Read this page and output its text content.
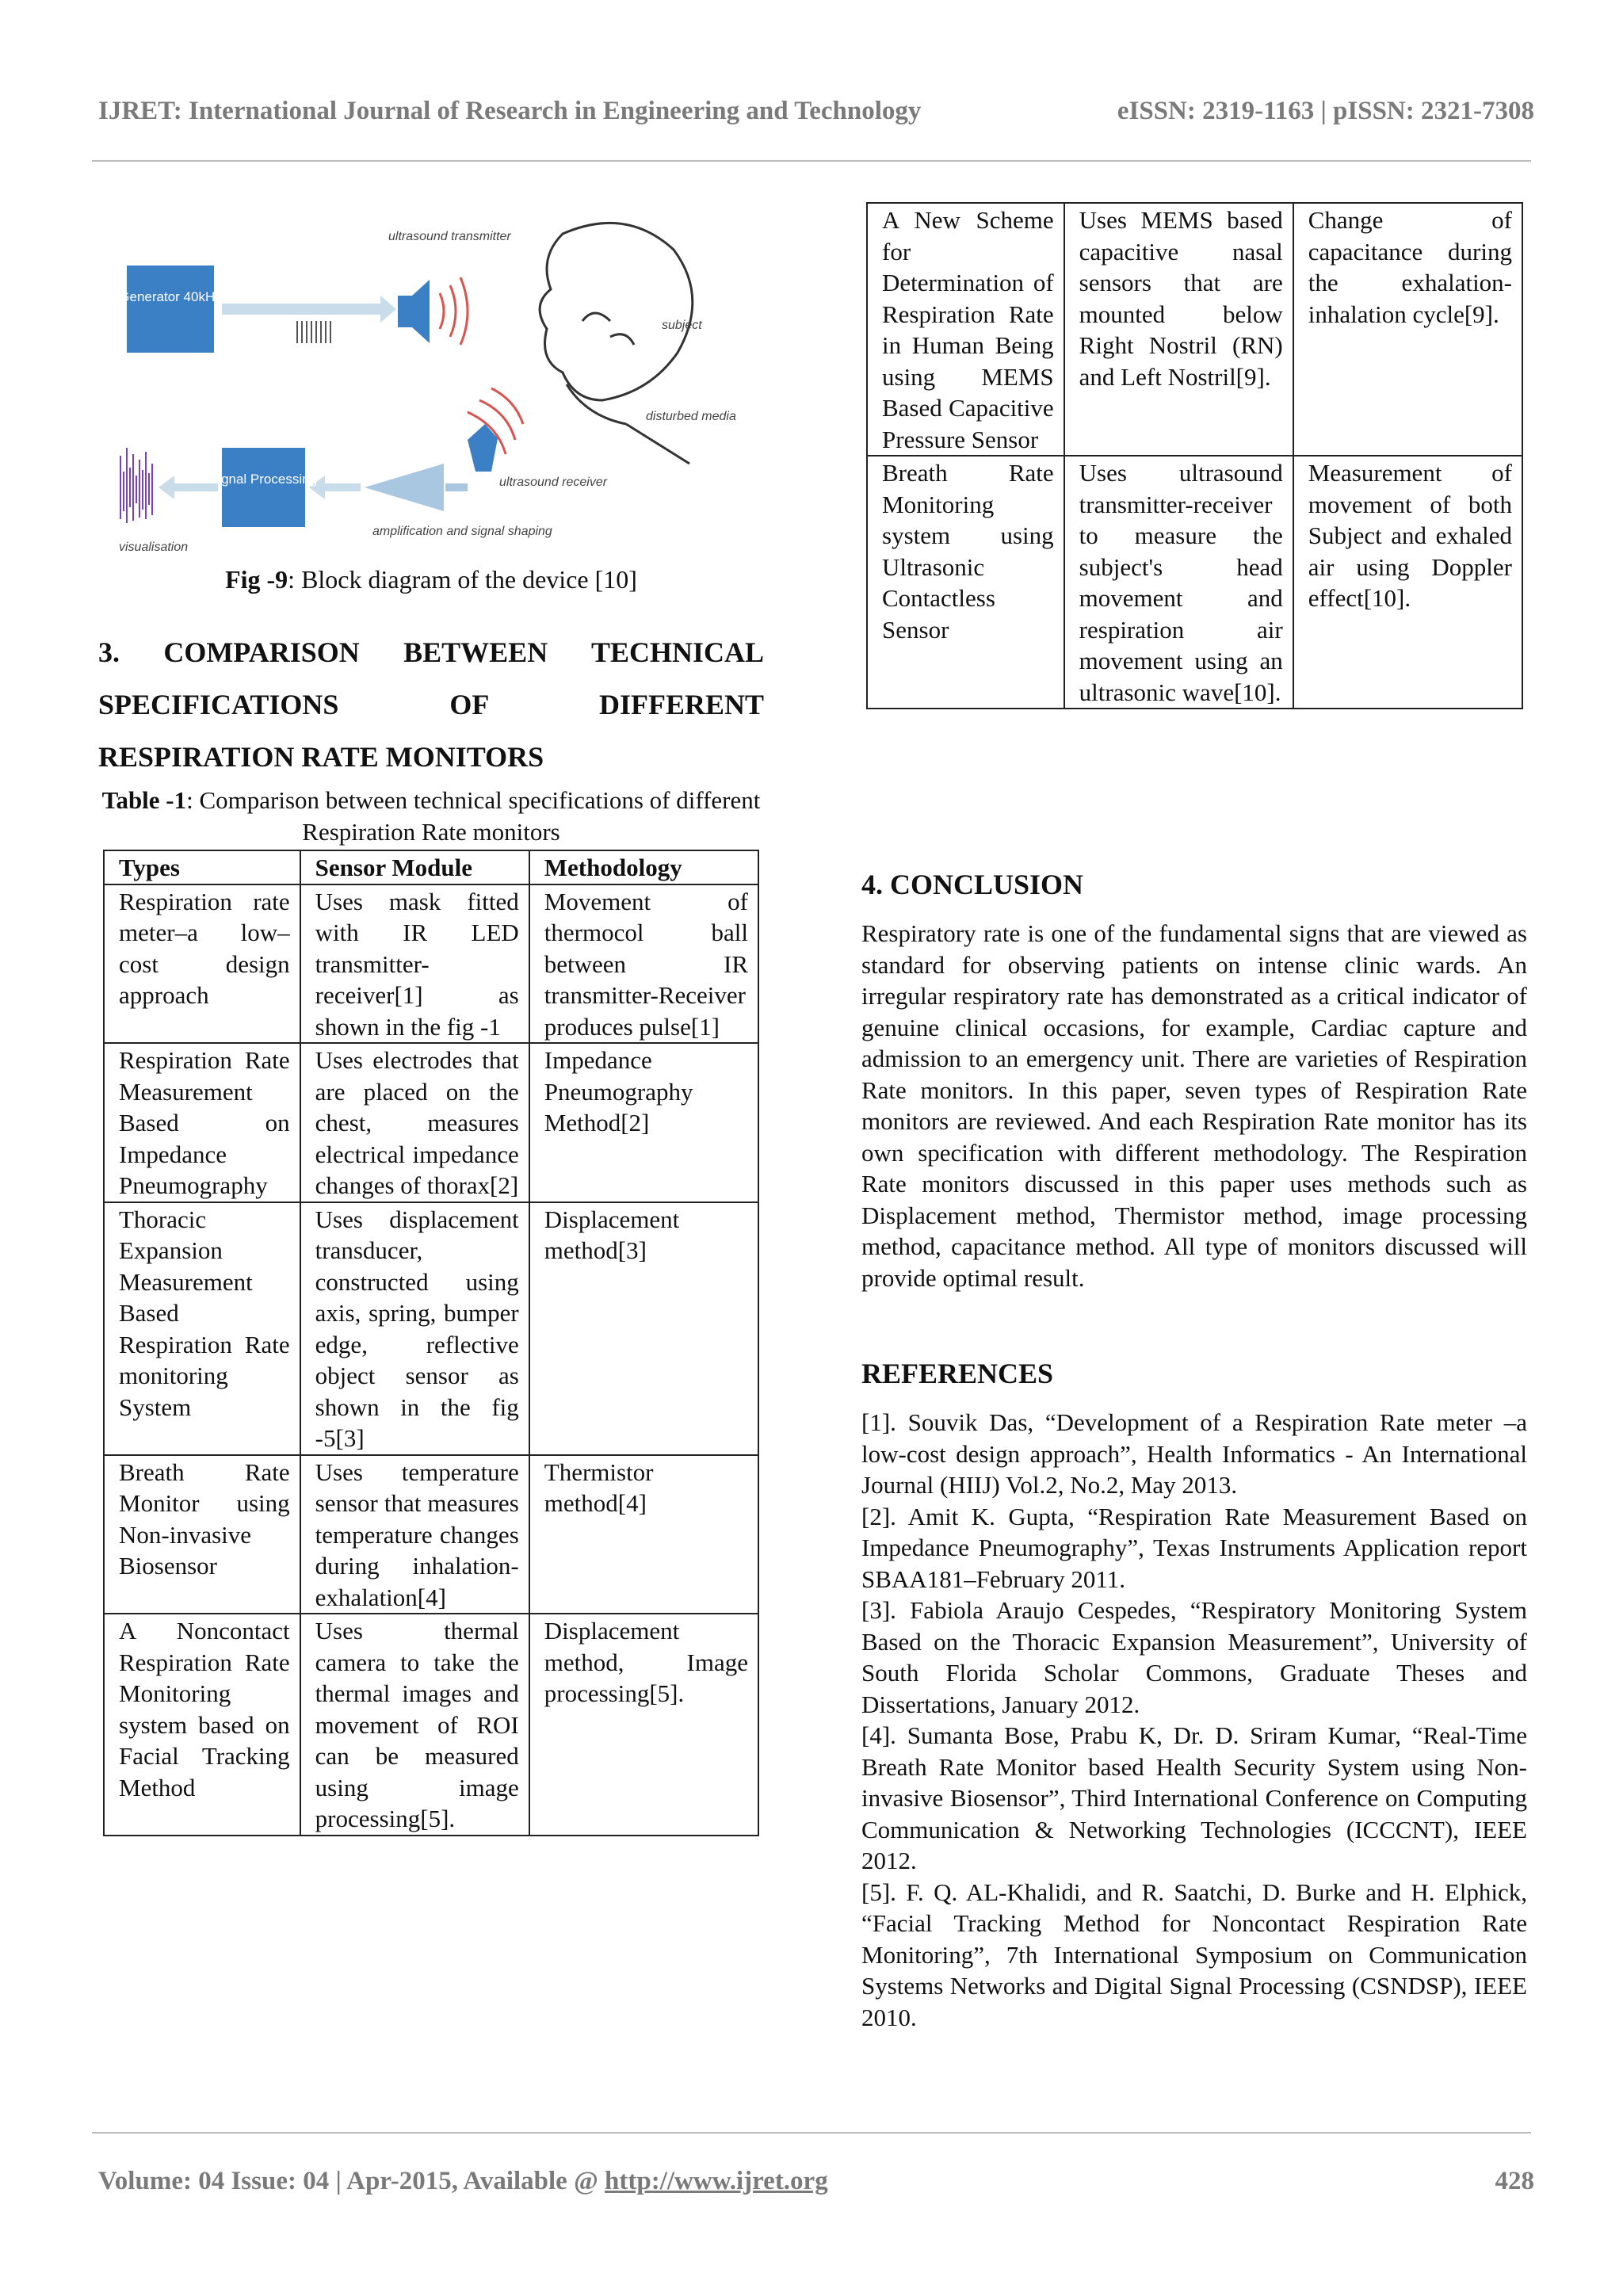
IJRET: International Journal of Research in Engineering and Technology	eISSN: 2319-1163 | pISSN: 2321-7308
Generator 40kHz
ultrasound transmitter
subject
disturbed media
ultrasound receiver
amplification and signal shaping
Signal Processing
visualisation
Fig -9: Block diagram of the device [10]
3. COMPARISON BETWEEN TECHNICAL
SPECIFICATIONS OF DIFFERENT
RESPIRATION RATE MONITORS
Table -1: Comparison between technical specifications of different Respiration Rate monitors
Types	Sensor Module	Methodology
Respiration rate meter–a low–cost design approach	Uses mask fitted with IR LED transmitter-receiver[1] as shown in the fig -1	Movement of thermocol ball between IR transmitter-Receiver produces pulse[1]
Respiration Rate Measurement Based on Impedance Pneumography	Uses electrodes that are placed on the chest, measures electrical impedance changes of thorax[2]	Impedance Pneumography Method[2]
Thoracic Expansion Measurement Based Respiration Rate monitoring System	Uses displacement transducer, constructed using axis, spring, bumper edge, reflective object sensor as shown in the fig -5[3]	Displacement method[3]
Breath Rate Monitor using Non-invasive Biosensor	Uses temperature sensor that measures temperature changes during inhalation-exhalation[4]	Thermistor method[4]
A Noncontact Respiration Rate Monitoring system based on Facial Tracking Method	Uses thermal camera to take the thermal images and movement of ROI can be measured using image processing[5].	Displacement method, Image processing[5].
A New Scheme for Determination of Respiration Rate in Human Being using MEMS Based Capacitive Pressure Sensor	Uses MEMS based capacitive nasal sensors that are mounted below Right Nostril (RN) and Left Nostril[9].	Change of capacitance during the exhalation-inhalation cycle[9].
Breath Rate Monitoring system using Ultrasonic Contactless Sensor	Uses ultrasound transmitter-receiver to measure the subject's head movement and respiration air movement using an ultrasonic wave[10].	Measurement of movement of both Subject and exhaled air using Doppler effect[10].
4. CONCLUSION
Respiratory rate is one of the fundamental signs that are viewed as standard for observing patients on intense clinic wards. An irregular respiratory rate has demonstrated as a critical indicator of genuine clinical occasions, for example, Cardiac capture and admission to an emergency unit. There are varieties of Respiration Rate monitors. In this paper, seven types of Respiration Rate monitors are reviewed. And each Respiration Rate monitor has its own specification with different methodology. The Respiration Rate monitors discussed in this paper uses methods such as Displacement method, Thermistor method, image processing method, capacitance method. All type of monitors discussed will provide optimal result.
REFERENCES

[1]. Souvik Das, “Development of a Respiration Rate meter –a low-cost design approach”, Health Informatics - An International Journal (HIIJ) Vol.2, No.2, May 2013.

[2]. Amit K. Gupta, “Respiration Rate Measurement Based on Impedance Pneumography”, Texas Instruments Application report SBAA181–February 2011.

[3]. Fabiola Araujo Cespedes, “Respiratory Monitoring System Based on the Thoracic Expansion Measurement”, University of South Florida Scholar Commons, Graduate Theses and Dissertations, January 2012.

[4]. Sumanta Bose, Prabu K, Dr. D. Sriram Kumar, “Real-Time Breath Rate Monitor based Health Security System using Non-invasive Biosensor”, Third International Conference on Computing Communication & Networking Technologies (ICCCNT), IEEE 2012.

[5]. F. Q. AL-Khalidi, and R. Saatchi, D. Burke and H. Elphick, “Facial Tracking Method for Noncontact Respiration Rate Monitoring”, 7th International Symposium on Communication Systems Networks and Digital Signal Processing (CSNDSP), IEEE 2010.

Volume: 04 Issue: 04 | Apr-2015, Available @ http://www.ijret.org	428
